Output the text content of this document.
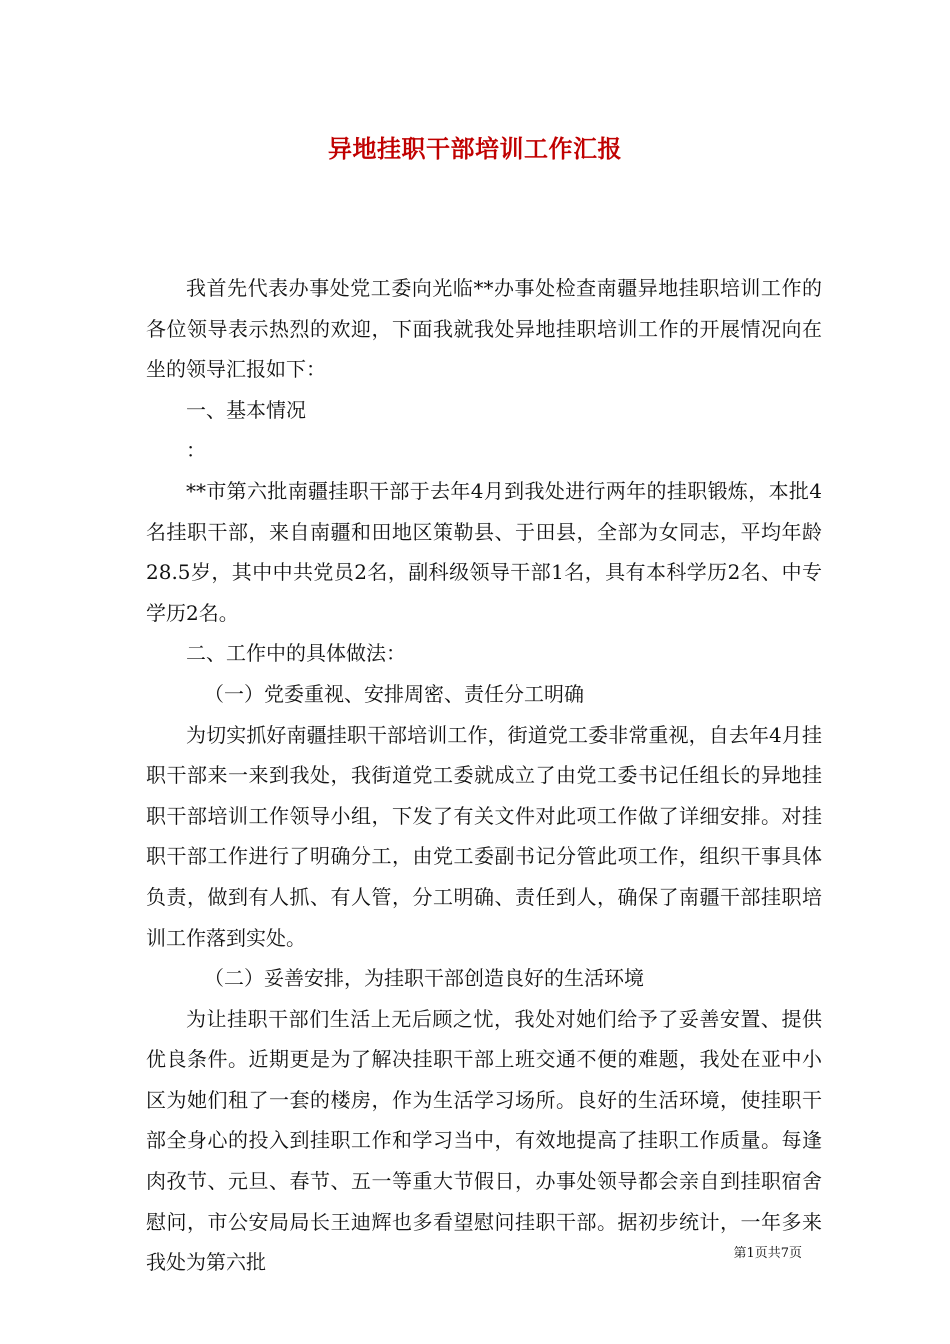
异地挂职干部培训工作汇报

我首先代表办事处党工委向光临**办事处检查南疆异地挂职培训工作的各位领导表示热烈的欢迎，下面我就我处异地挂职培训工作的开展情况向在坐的领导汇报如下：

一、基本情况

：

**市第六批南疆挂职干部于去年4月到我处进行两年的挂职锻炼，本批4名挂职干部，来自南疆和田地区策勒县、于田县，全部为女同志，平均年龄28.5岁，其中中共党员2名，副科级领导干部1名，具有本科学历2名、中专学历2名。

二、工作中的具体做法：

（一）党委重视、安排周密、责任分工明确

为切实抓好南疆挂职干部培训工作，街道党工委非常重视，自去年4月挂职干部来一来到我处，我街道党工委就成立了由党工委书记任组长的异地挂职干部培训工作领导小组，下发了有关文件对此项工作做了详细安排。对挂职干部工作进行了明确分工，由党工委副书记分管此项工作，组织干事具体负责，做到有人抓、有人管，分工明确、责任到人，确保了南疆干部挂职培训工作落到实处。

（二）妥善安排，为挂职干部创造良好的生活环境

为让挂职干部们生活上无后顾之忧，我处对她们给予了妥善安置、提供优良条件。近期更是为了解决挂职干部上班交通不便的难题，我处在亚中小区为她们租了一套的楼房，作为生活学习场所。良好的生活环境，使挂职干部全身心的投入到挂职工作和学习当中，有效地提高了挂职工作质量。每逢肉孜节、元旦、春节、五一等重大节假日，办事处领导都会亲自到挂职宿舍慰问，市公安局局长王迪辉也多看望慰问挂职干部。据初步统计，一年多来我处为第六批	第1页共7页
